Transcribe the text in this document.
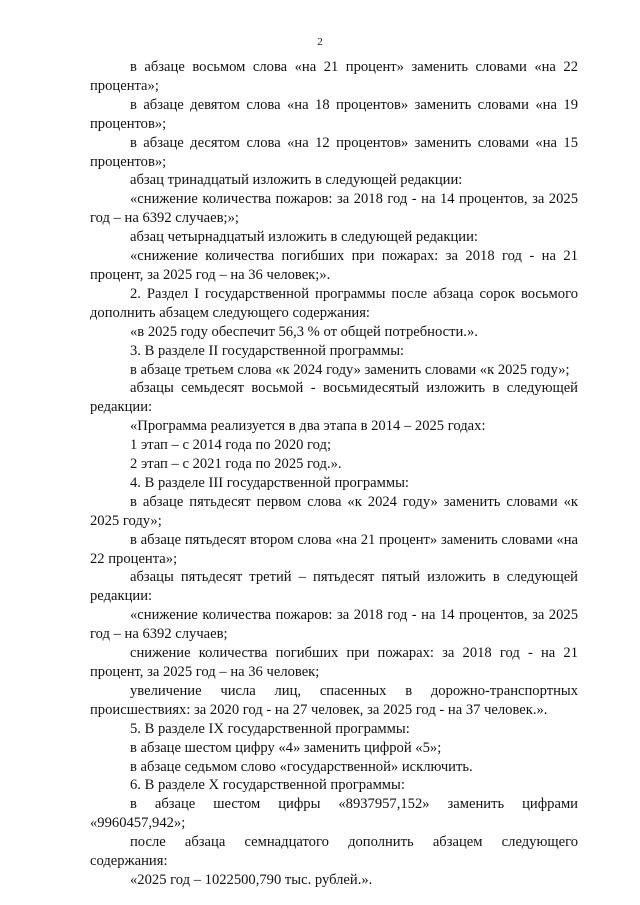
2

в абзаце восьмом слова «на 21 процент» заменить словами «на 22 процента»;

в абзаце девятом слова «на 18 процентов» заменить словами «на 19 процентов»;

в абзаце десятом слова «на 12 процентов» заменить словами «на 15 процентов»;

абзац тринадцатый изложить в следующей редакции:

«снижение количества пожаров: за 2018 год - на 14 процентов, за 2025 год – на 6392 случаев;»;

абзац четырнадцатый изложить в следующей редакции:

«снижение количества погибших при пожарах: за 2018 год - на 21 процент, за 2025 год – на 36 человек;».

2. Раздел I государственной программы после абзаца сорок восьмого дополнить абзацем следующего содержания:

«в 2025 году обеспечит 56,3 % от общей потребности.».

3. В разделе II государственной программы:

в абзаце третьем слова «к 2024 году» заменить словами «к 2025 году»;

абзацы семьдесят восьмой - восьмидесятый изложить в следующей редакции:

«Программа реализуется в два этапа в 2014 – 2025 годах:

1 этап – с 2014 года по 2020 год;

2 этап – с 2021 года по 2025 год.».

4. В разделе III государственной программы:

в абзаце пятьдесят первом слова «к 2024 году» заменить словами «к 2025 году»;

в абзаце пятьдесят втором слова «на 21 процент» заменить словами «на 22 процента»;

абзацы пятьдесят третий – пятьдесят пятый изложить в следующей редакции:

«снижение количества пожаров: за 2018 год - на 14 процентов, за 2025 год – на 6392 случаев;

снижение количества погибших при пожарах: за 2018 год - на 21 процент, за 2025 год – на 36 человек;

увеличение числа лиц, спасенных в дорожно-транспортных происшествиях: за 2020 год - на 27 человек, за 2025 год - на 37 человек.».

5. В разделе IX государственной программы:

в абзаце шестом цифру «4» заменить цифрой «5»;

в абзаце седьмом слово «государственной» исключить.

6. В разделе X государственной программы:

в абзаце шестом цифры «8937957,152» заменить цифрами «9960457,942»;

после абзаца семнадцатого дополнить абзацем следующего содержания:

«2025 год – 1022500,790 тыс. рублей.».
